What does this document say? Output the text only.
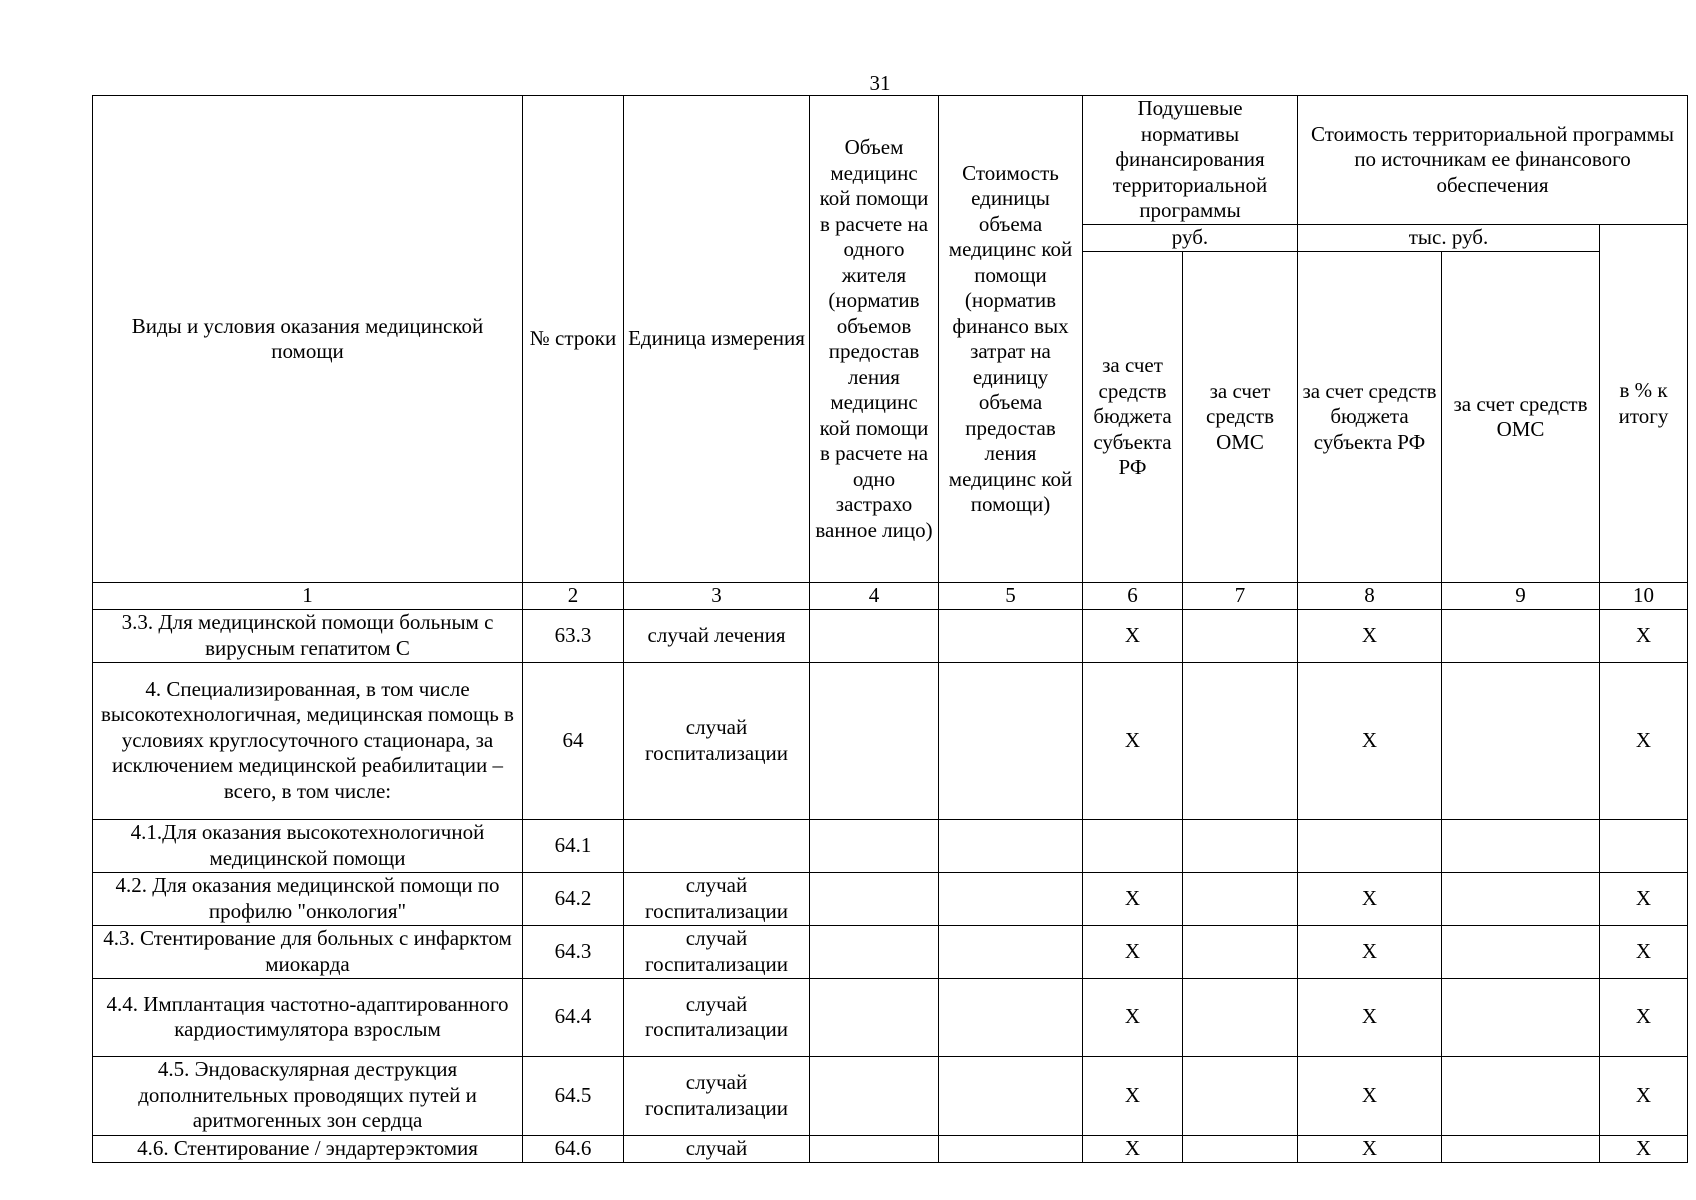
31
Виды и условия оказания медицинской помощи	№ строки	Единица измерения	Объем медицинс кой помощи в расчете на одного жителя (норматив объемов предостав ления медицинс кой помощи в расчете на одно застрахо ванное лицо)	Стоимость единицы объема медицинс кой помощи (норматив финансо вых затрат на единицу объема предостав ления медицинс кой помощи)	Подушевые нормативы финансирования территориальной программы		Стоимость территориальной программы по источникам ее финансового обеспечения		
					руб.		тыс. руб.		в % к итогу
					за счет средств бюджета субъекта РФ	за счет средств ОМС	за счет средств бюджета субъекта РФ	за счет средств ОМС	
1	2	3	4	5	6	7	8	9	10
3.3. Для медицинской помощи больным с вирусным гепатитом С	63.3	случай лечения			X		X		X
4. Специализированная, в том числе высокотехнологичная, медицинская помощь в условиях круглосуточного стационара, за исключением медицинской реабилитации – всего, в том числе:	64	случай госпитализации			X		X		X
4.1.Для оказания высокотехнологичной медицинской помощи	64.1								
4.2. Для оказания медицинской помощи по профилю "онкология"	64.2	случай госпитализации			X		X		X
4.3. Стентирование для больных с инфарктом миокарда	64.3	случай госпитализации			X		X		X
4.4. Имплантация частотно-адаптированного кардиостимулятора взрослым	64.4	случай госпитализации			X		X		X
4.5. Эндоваскулярная деструкция дополнительных проводящих путей и аритмогенных зон сердца	64.5	случай госпитализации			X		X		X
4.6. Стентирование / эндартерэктомия	64.6	случай			X		X		X
